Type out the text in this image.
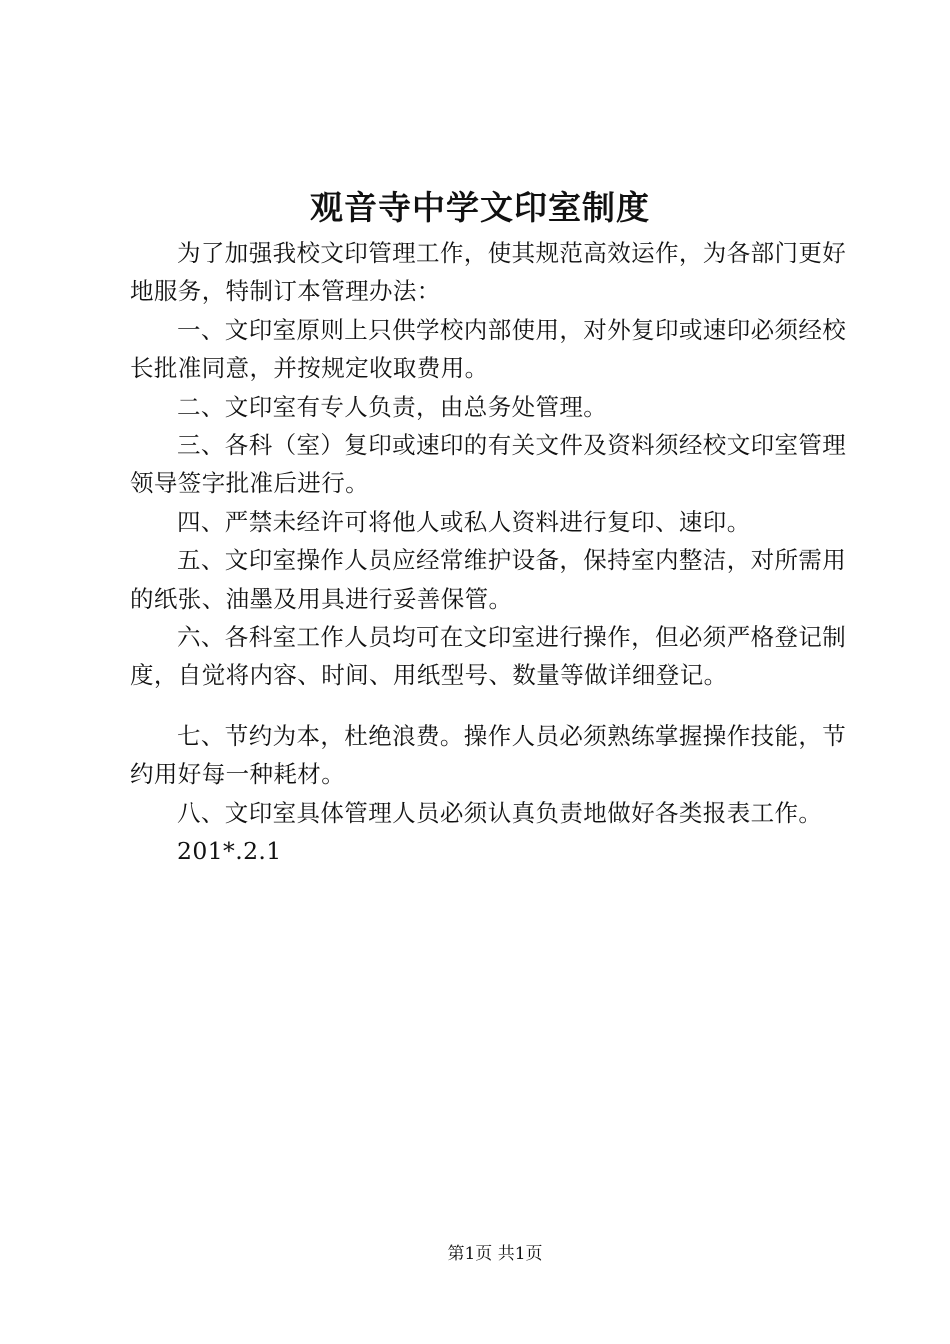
观音寺中学文印室制度

为了加强我校文印管理工作，使其规范高效运作，为各部门更好地服务，特制订本管理办法：

一、文印室原则上只供学校内部使用，对外复印或速印必须经校长批准同意，并按规定收取费用。

二、文印室有专人负责，由总务处管理。

三、各科（室）复印或速印的有关文件及资料须经校文印室管理领导签字批准后进行。

四、严禁未经许可将他人或私人资料进行复印、速印。

五、文印室操作人员应经常维护设备，保持室内整洁，对所需用的纸张、油墨及用具进行妥善保管。

六、各科室工作人员均可在文印室进行操作，但必须严格登记制度，自觉将内容、时间、用纸型号、数量等做详细登记。

七、节约为本，杜绝浪费。操作人员必须熟练掌握操作技能，节约用好每一种耗材。

八、文印室具体管理人员必须认真负责地做好各类报表工作。

201*.2.1

第1页 共1页
